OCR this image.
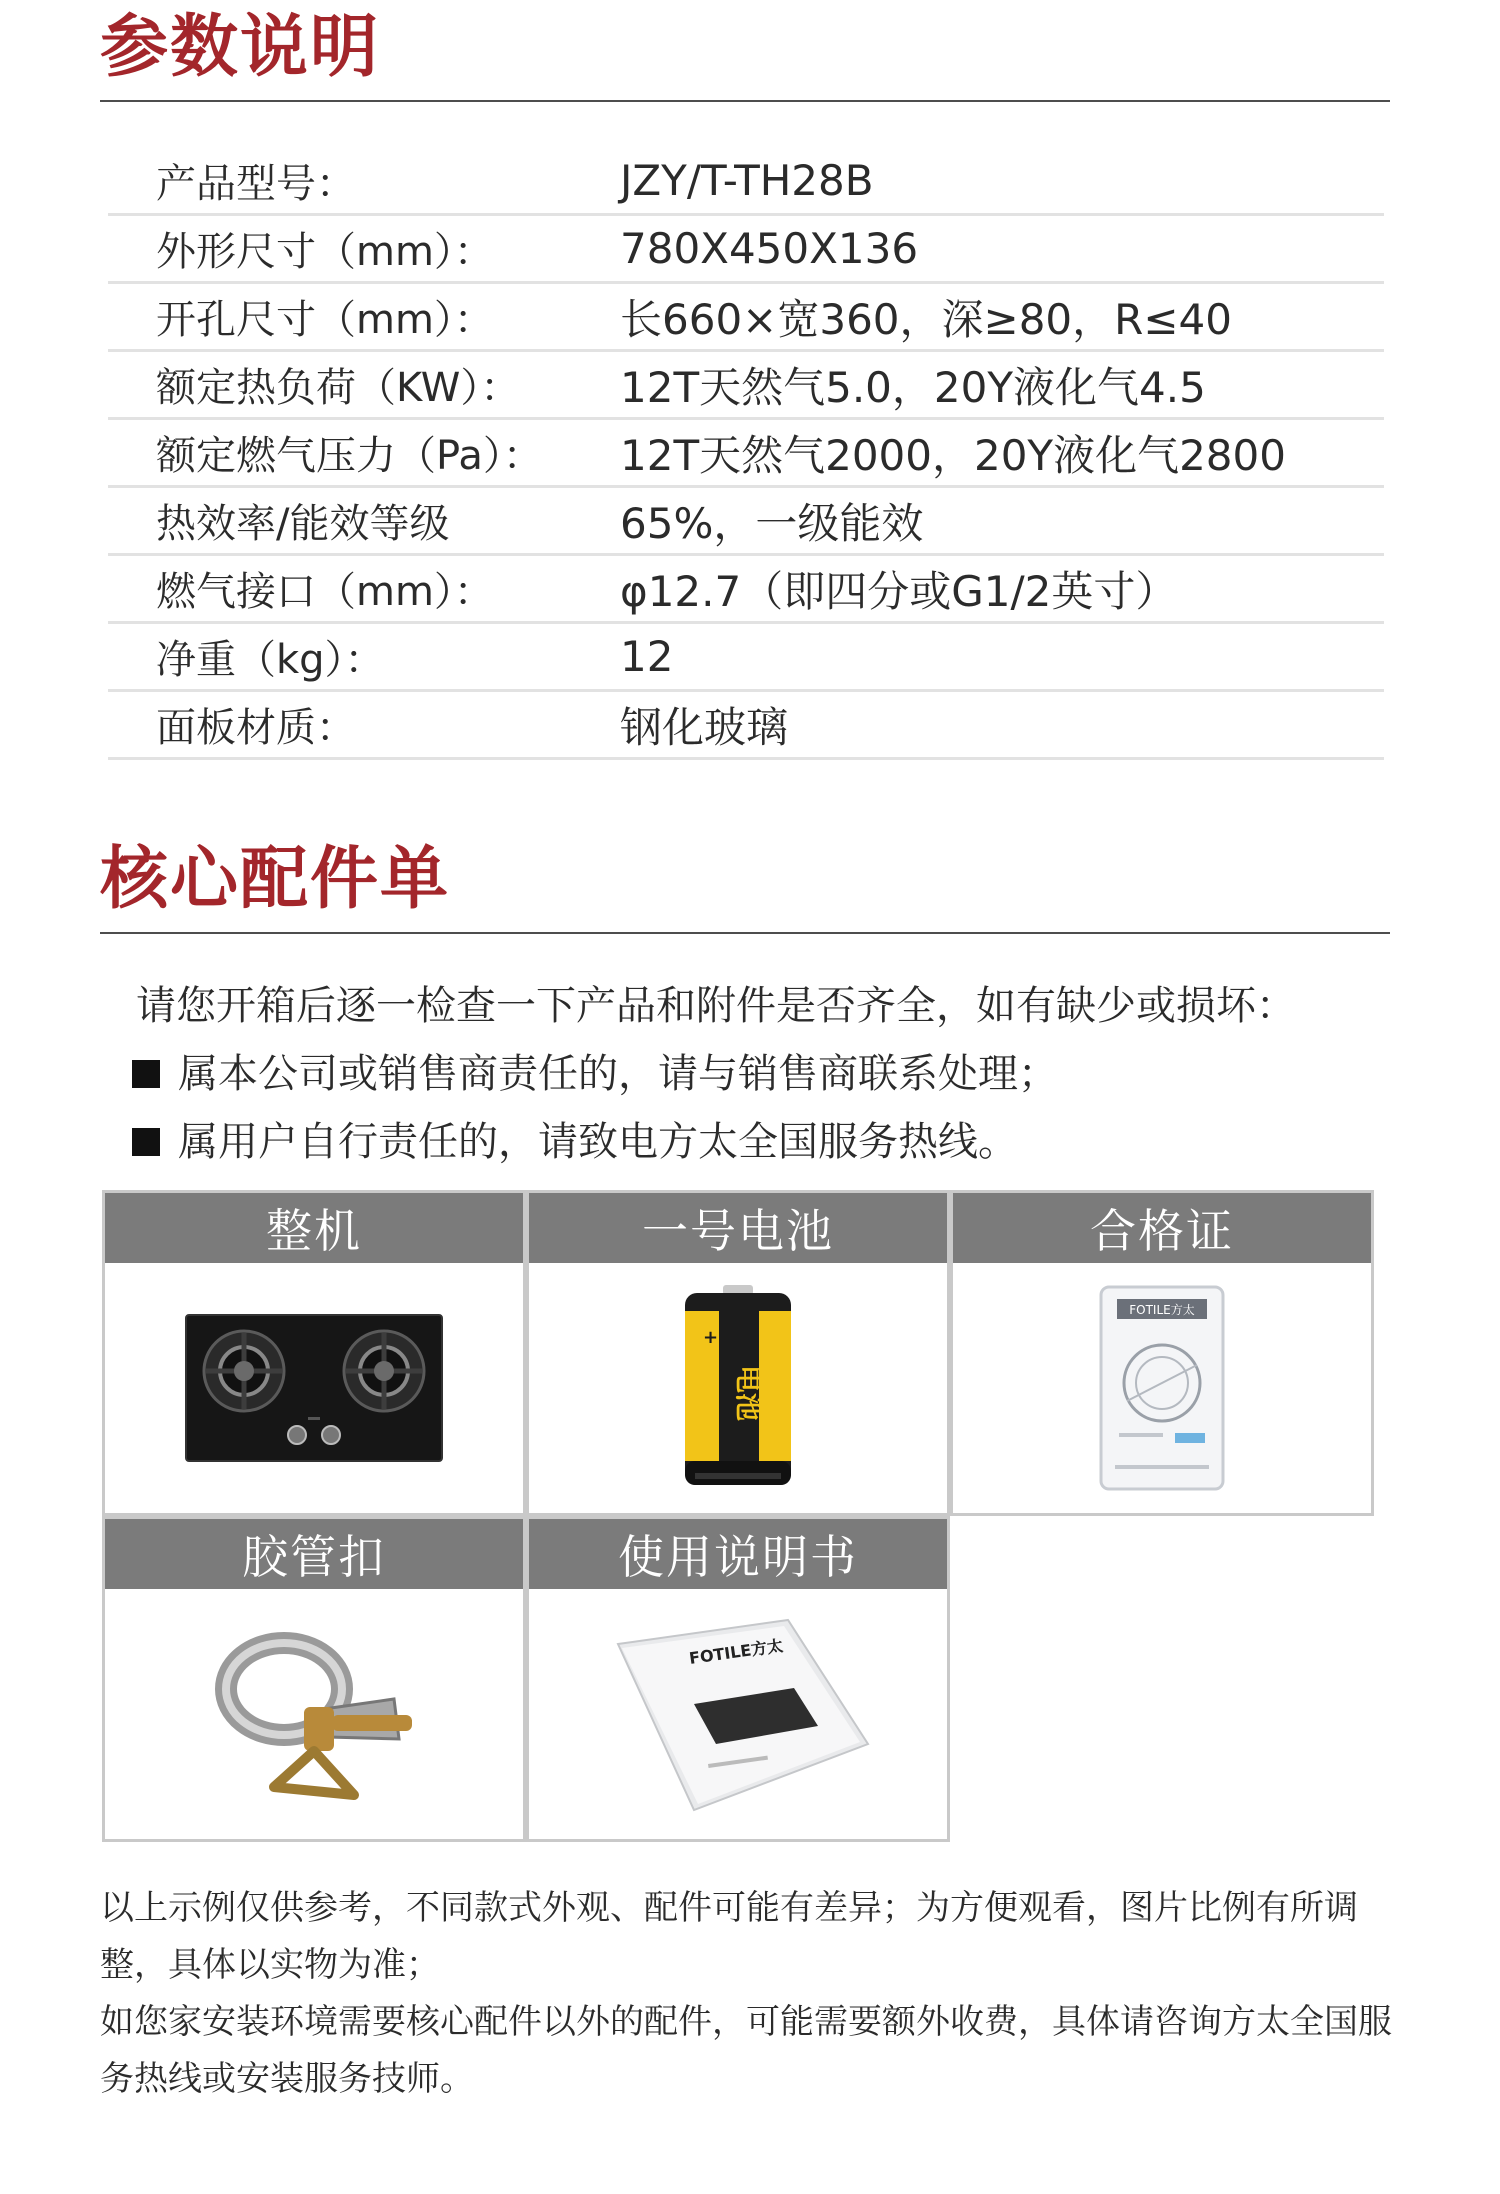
参数说明
产品型号：	JZY/T-TH28B
外形尺寸（mm）：	780X450X136
开孔尺寸（mm）：	长660×宽360，深≥80，R≤40
额定热负荷（KW）：	12T天然气5.0，20Y液化气4.5
额定燃气压力（Pa）：	12T天然气2000，20Y液化气2800
热效率/能效等级	65%，一级能效
燃气接口（mm）：	φ12.7（即四分或G1/2英寸）
净重（kg）：	12
面板材质：	钢化玻璃
核心配件单
请您开箱后逐一检查一下产品和附件是否齐全，如有缺少或损坏：
属本公司或销售商责任的，请与销售商联系处理；
属用户自行责任的，请致电方太全国服务热线。
整机	一号电池
电池
+
合格证
FOTILE方太
胶管扣	使用说明书
FOTILE方太
以上示例仅供参考，不同款式外观、配件可能有差异；为方便观看，图片比例有所调整，具体以实物为准；
如您家安装环境需要核心配件以外的配件，可能需要额外收费，具体请咨询方太全国服务热线或安装服务技师。
